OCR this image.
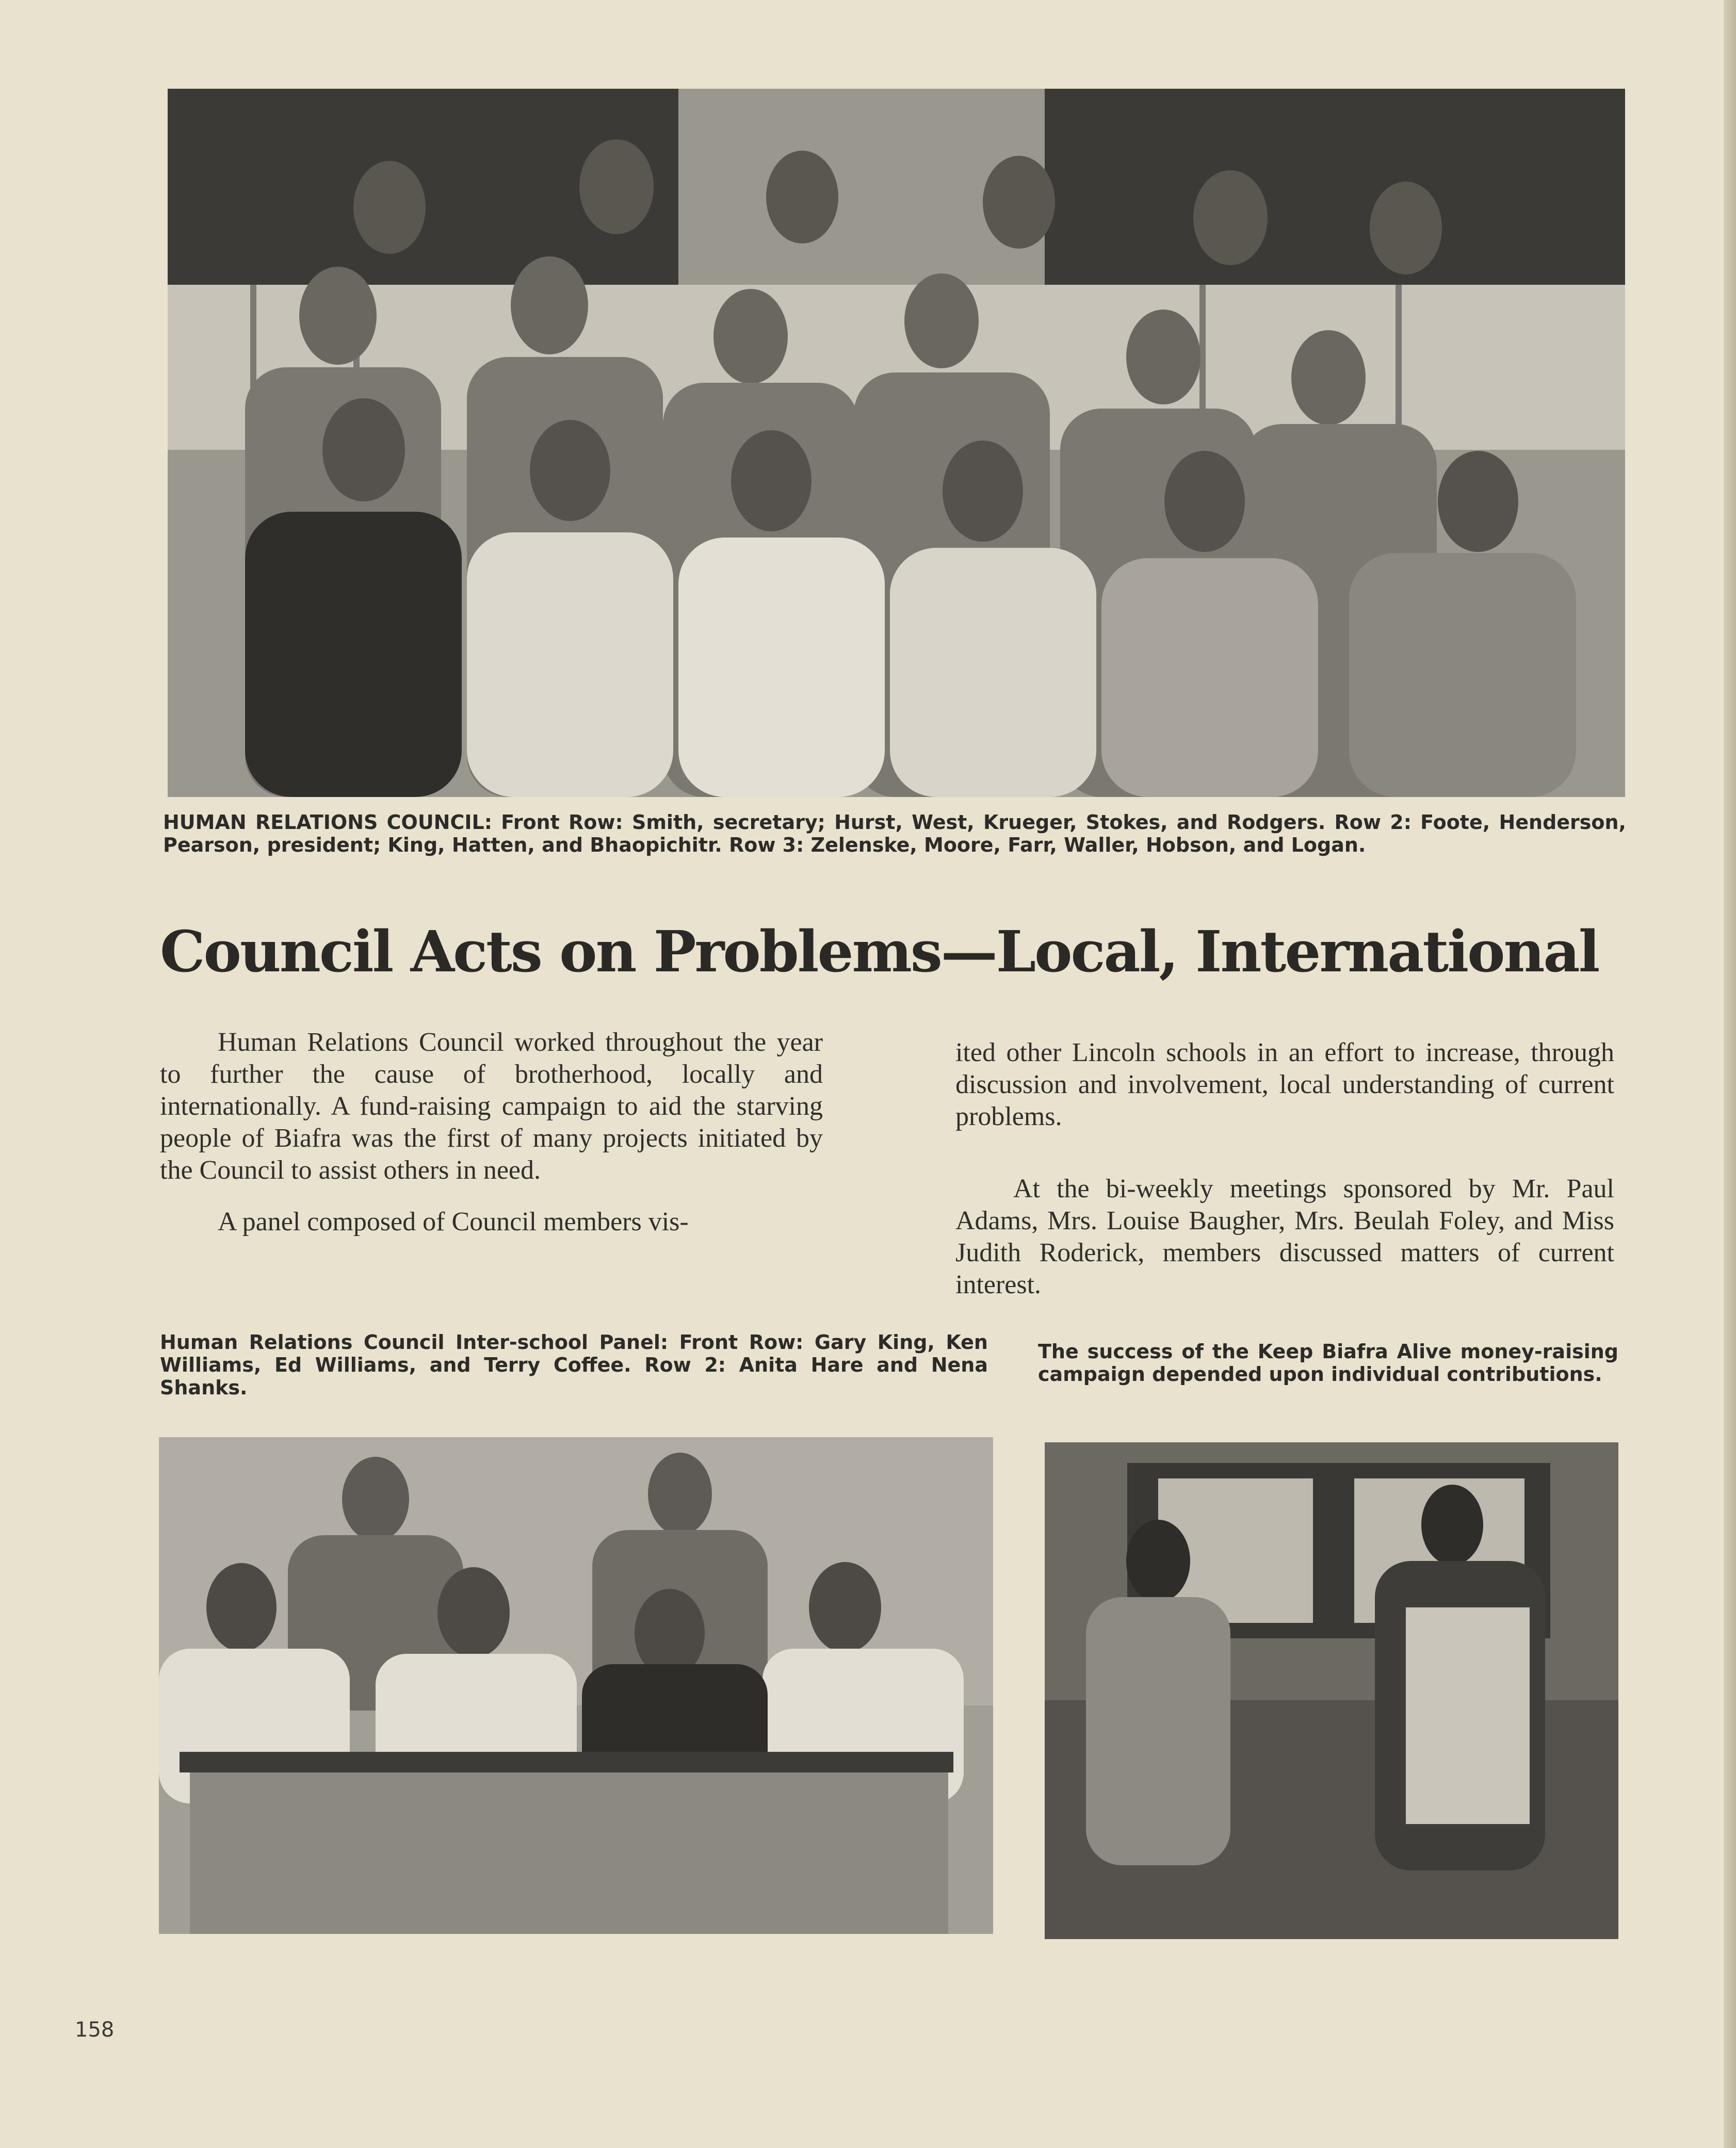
HUMAN RELATIONS COUNCIL: Front Row: Smith, secretary; Hurst, West, Krueger, Stokes, and Rodgers. Row 2: Foote, Henderson, Pearson, president; King, Hatten, and Bhaopichitr. Row 3: Zelenske, Moore, Farr, Waller, Hobson, and Logan.
Council Acts on Problems—Local, International

Human Relations Council worked throughout the year to further the cause of brotherhood, locally and internationally. A fund-raising campaign to aid the starving people of Biafra was the first of many projects initiated by the Council to assist others in need.

A panel composed of Council members vis-

ited other Lincoln schools in an effort to increase, through discussion and involvement, local understanding of current problems.

At the bi-weekly meetings sponsored by Mr. Paul Adams, Mrs. Louise Baugher, Mrs. Beulah Foley, and Miss Judith Roderick, members discussed matters of current interest.

Human Relations Council Inter-school Panel: Front Row: Gary King, Ken Williams, Ed Williams, and Terry Coffee. Row 2: Anita Hare and Nena Shanks.
The success of the Keep Biafra Alive money-raising campaign depended upon individual contributions.
158
